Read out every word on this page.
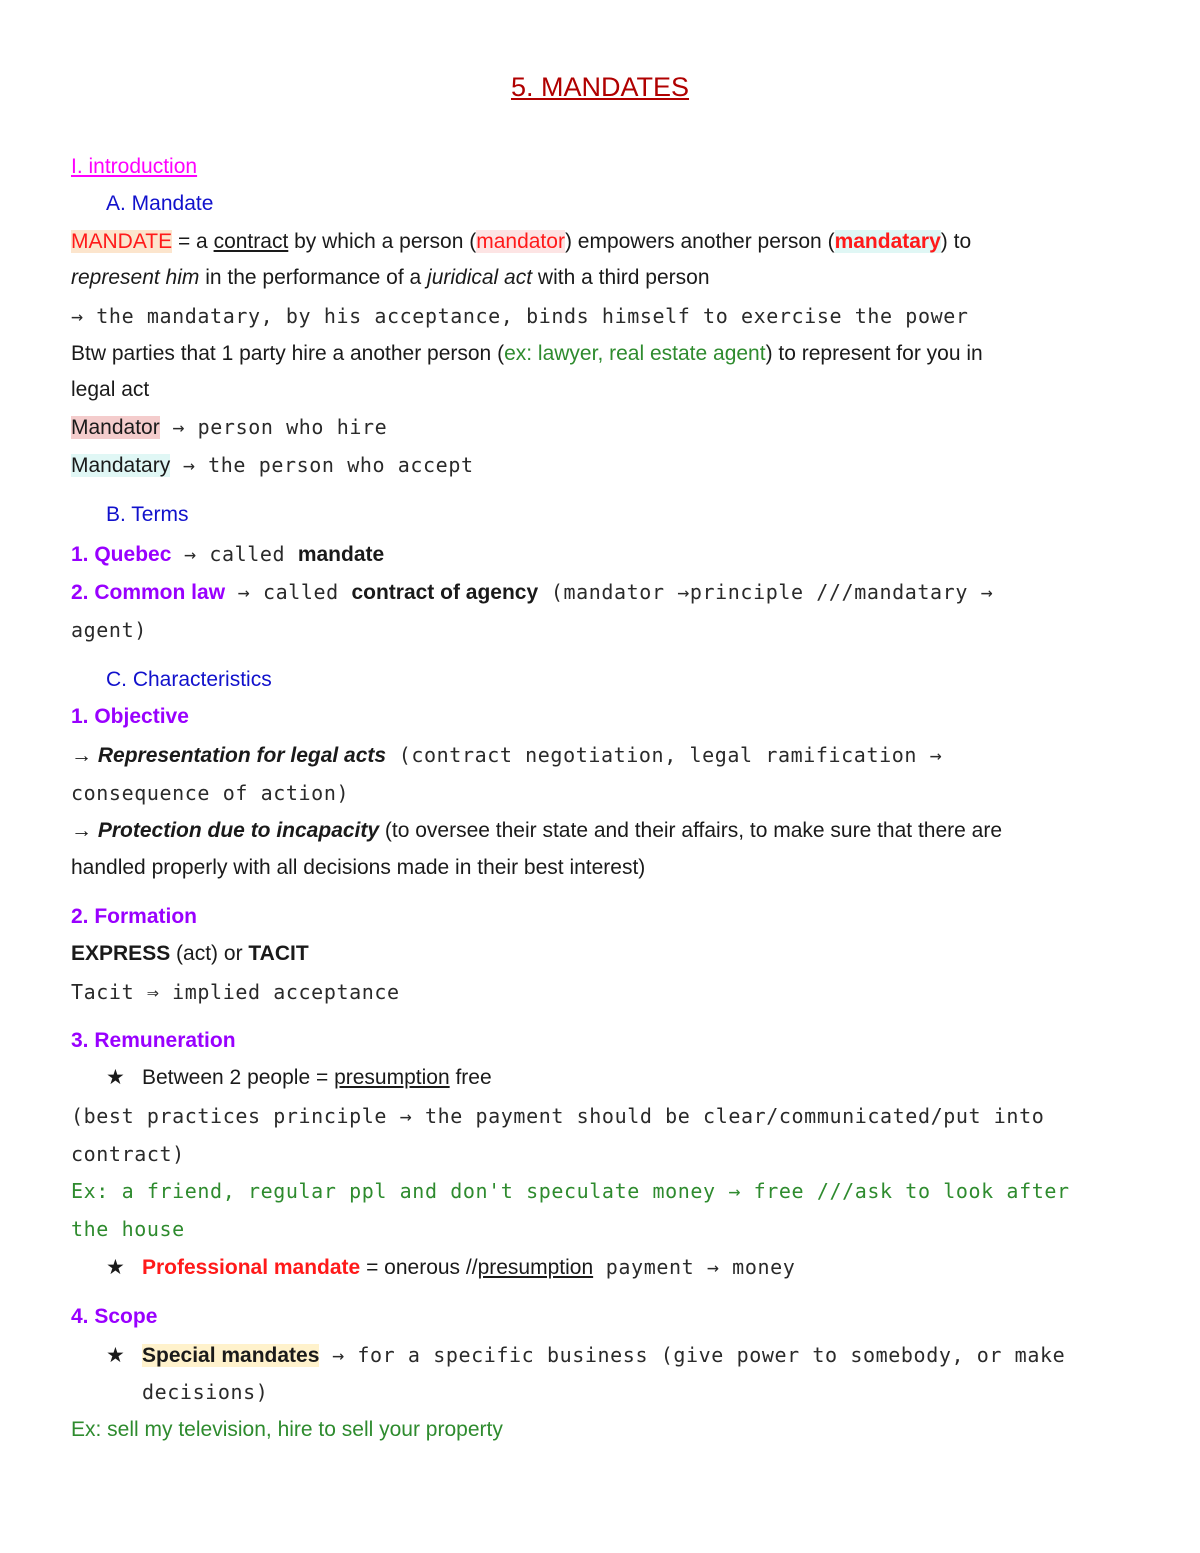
5. MANDATES
I. introduction
A. Mandate
MANDATE = a contract by which a person (mandator) empowers another person (mandatary) to
represent him in the performance of a juridical act with a third person
→ the mandatary, by his acceptance, binds himself to exercise the power
Btw parties that 1 party hire a another person (ex: lawyer, real estate agent) to represent for you in
legal act
Mandator → person who hire
Mandatary → the person who accept
B. Terms
1. Quebec → called mandate
2. Common law → called contract of agency (mandator →principle ///mandatary →
agent)
C. Characteristics
1. Objective
→ Representation for legal acts (contract negotiation, legal ramification →
consequence of action)
→ Protection due to incapacity (to oversee their state and their affairs, to make sure that there are
handled properly with all decisions made in their best interest)
2. Formation
EXPRESS (act) or TACIT
Tacit ⇒ implied acceptance
3. Remuneration
★ Between 2 people = presumption free
(best practices principle → the payment should be clear/communicated/put into
contract)
Ex: a friend, regular ppl and don't speculate money → free ///ask to look after
the house
★ Professional mandate = onerous //presumption payment → money
4. Scope
★ Special mandates → for a specific business (give power to somebody, or make
decisions)
Ex: sell my television, hire to sell your property
